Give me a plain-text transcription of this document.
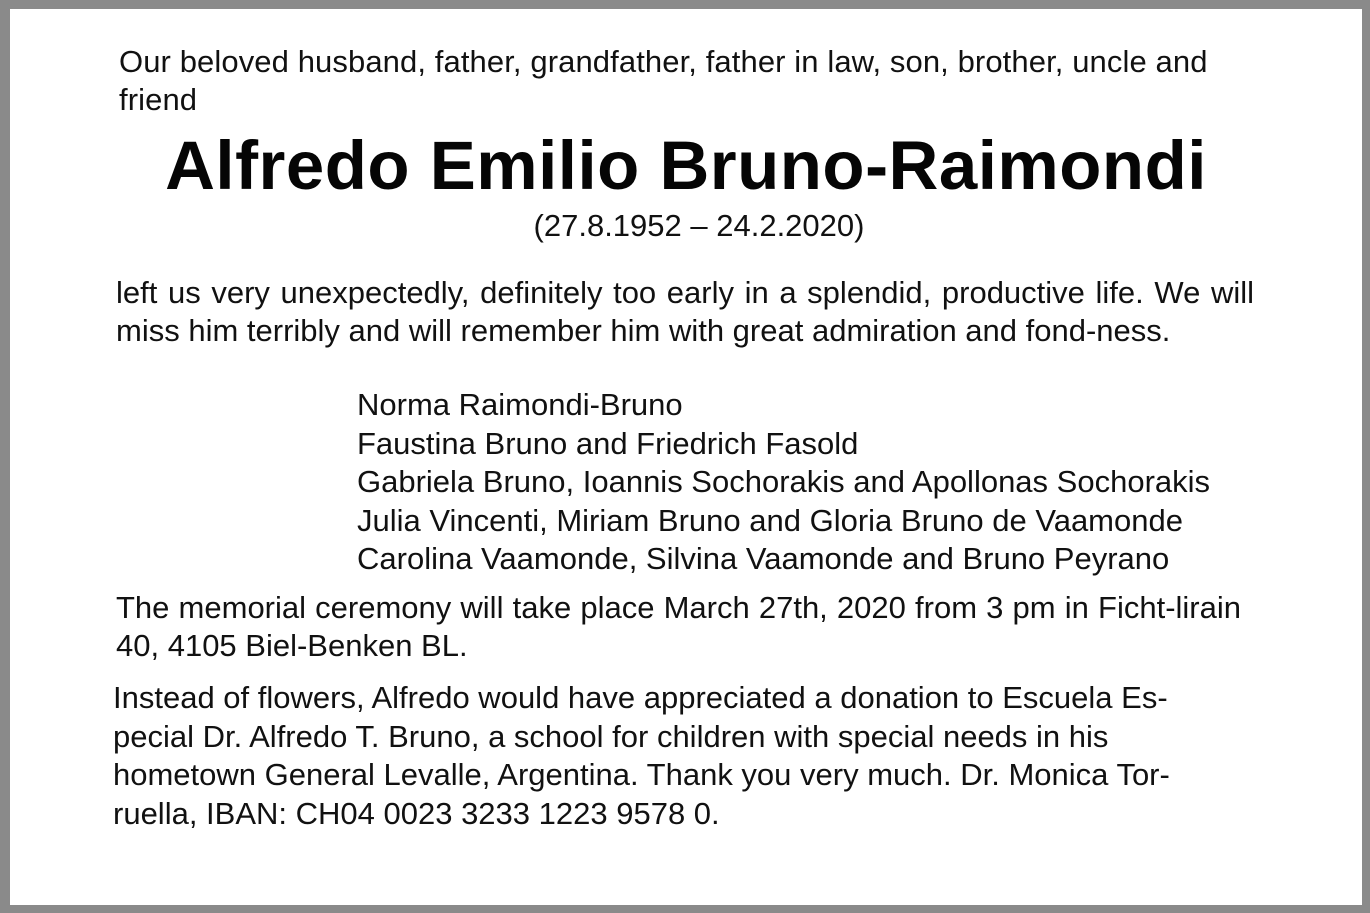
Our beloved husband, father, grandfather, father in law, son, brother, uncle and friend
Alfredo Emilio Bruno-Raimondi
(27.8.1952 – 24.2.2020)
left us very unexpectedly, definitely too early in a splendid, productive life. We will miss him terribly and will remember him with great admiration and fond-ness.
Norma Raimondi-Bruno
Faustina Bruno and Friedrich Fasold
Gabriela Bruno, Ioannis Sochorakis and Apollonas Sochorakis
Julia Vincenti, Miriam Bruno and Gloria Bruno de Vaamonde
Carolina Vaamonde, Silvina Vaamonde and Bruno Peyrano
The memorial ceremony will take place March 27th, 2020 from 3 pm in Ficht-lirain 40, 4105 Biel-Benken BL.
Instead of flowers, Alfredo would have appreciated a donation to Escuela Es-pecial Dr. Alfredo T. Bruno, a school for children with special needs in his hometown General Levalle, Argentina. Thank you very much. Dr. Monica Tor-ruella, IBAN: CH04 0023 3233 1223 9578 0.
